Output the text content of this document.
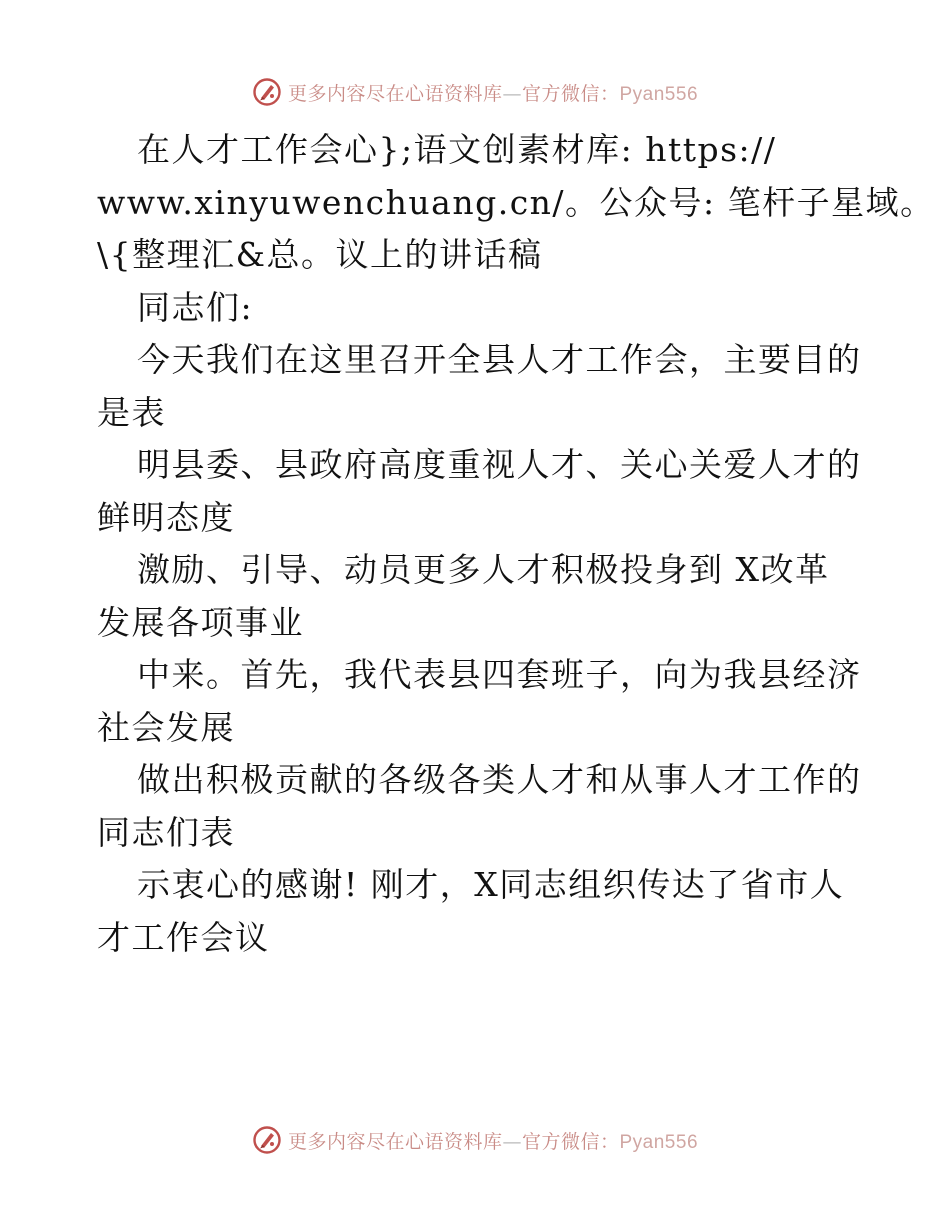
更多内容尽在心语资料库—官方微信：Pyan556
在人才工作会心};语文创素材库: https://
www.xinyuwenchuang.cn/。公众号: 笔杆子星域。
\{整理汇&总。议上的讲话稿
同志们:
今天我们在这里召开全县人才工作会，主要目的
是表
明县委、县政府高度重视人才、关心关爱人才的
鲜明态度
激励、引导、动员更多人才积极投身到 X改革
发展各项事业
中来。首先，我代表县四套班子，向为我县经济
社会发展
做出积极贡献的各级各类人才和从事人才工作的
同志们表
示衷心的感谢! 刚才，X同志组织传达了省市人
才工作会议
更多内容尽在心语资料库—官方微信：Pyan556
